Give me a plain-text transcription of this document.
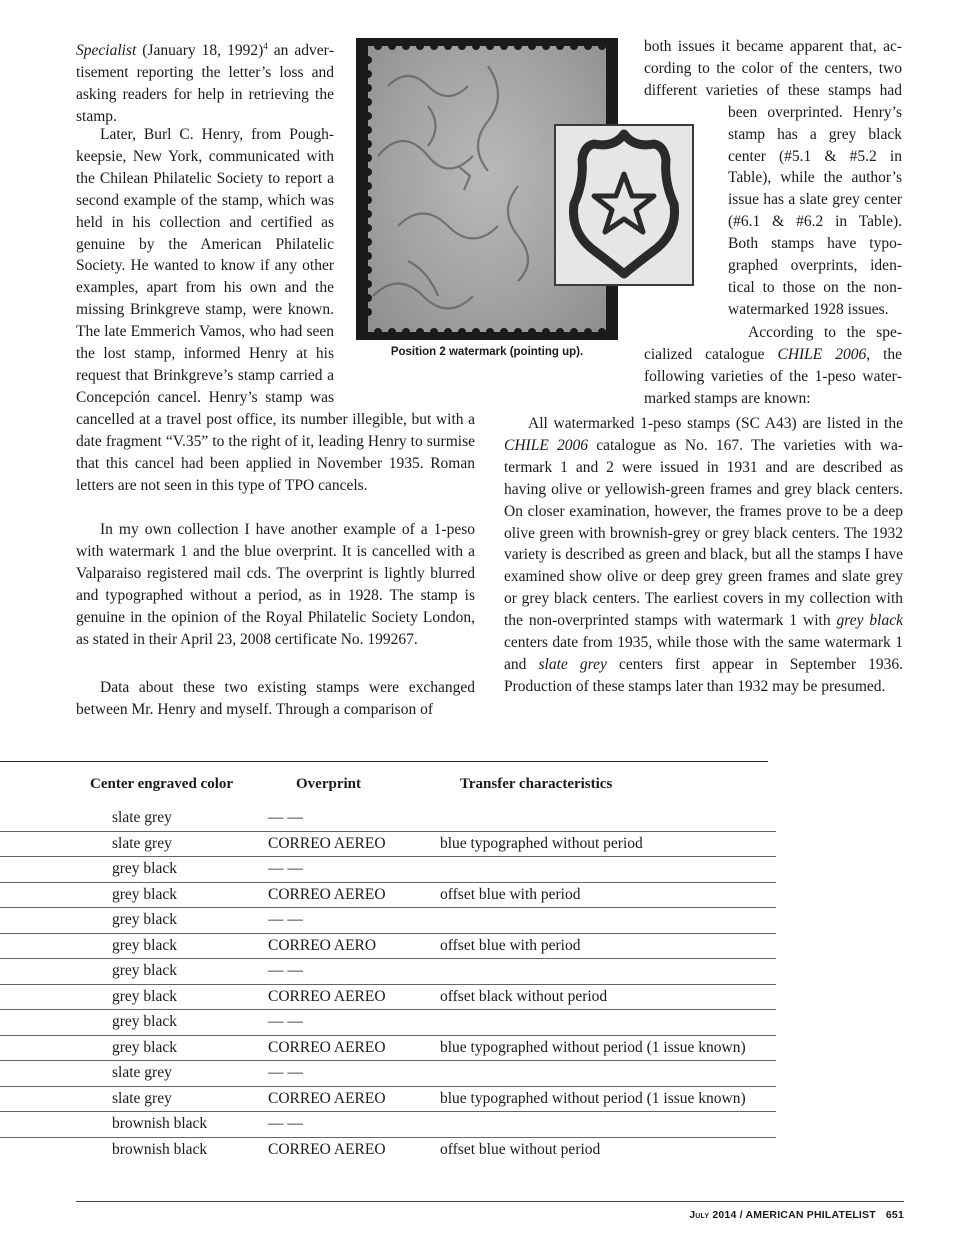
Specialist (January 18, 1992)$^4$ an advertisement reporting the letter’s loss and asking readers for help in retrieving the stamp.

Later, Burl C. Henry, from Poughkeepsie, New York, communicated with the Chilean Philatelic Society to report a second example of the stamp, which was held in his collection and certified as genuine by the American Philatelic Society. He wanted to know if any other examples, apart from his own and the missing Brinkgreve stamp, were known. The late Emmerich Vamos, who had seen the lost stamp, informed Henry at his request that Brinkgreve’s stamp carried a Concepción cancel. Henry’s stamp was cancelled at a travel post office, its number illegible, but with a date fragment “V.35” to the right of it, leading Henry to surmise that this cancel had been applied in November 1935. Roman letters are not seen in this type of TPO cancels.

In my own collection I have another example of a 1-peso with watermark 1 and the blue overprint. It is cancelled with a Valparaiso registered mail cds. The overprint is lightly blurred and typographed without a period, as in 1928. The stamp is genuine in the opinion of the Royal Philatelic Society London, as stated in their April 23, 2008 certificate No. 199267.

Data about these two existing stamps were exchanged between Mr. Henry and myself. Through a comparison of

Position 2 watermark (pointing up).

both issues it became apparent that, according to the color of the centers, two different varieties of these stamps had been overprinted. Henry’s stamp has a grey black center (#5.1 & #5.2 in Table), while the author’s issue has a slate grey center (#6.1 & #6.2 in Table). Both stamps have typographed overprints, identical to those on the non-watermarked 1928 issues.

According to the specialized catalogue CHILE 2006, the following varieties of the 1-peso watermarked stamps are known:

All watermarked 1-peso stamps (SC A43) are listed in the CHILE 2006 catalogue as No. 167. The varieties with watermark 1 and 2 were issued in 1931 and are described as having olive or yellowish-green frames and grey black centers. On closer examination, however, the frames prove to be a deep olive green with brownish-grey or grey black centers. The 1932 variety is described as green and black, but all the stamps I have examined show olive or deep grey green frames and slate grey or grey black centers. The earliest covers in my collection with the non-overprinted stamps with watermark 1 with grey black centers date from 1935, while those with the same watermark 1 and slate grey centers first appear in September 1936. Production of these stamps later than 1932 may be presumed.

Center engraved color	Overprint	Transfer characteristics
slate grey	— —
slate grey	CORREO AEREO	blue typographed without period
grey black	— —
grey black	CORREO AEREO	offset blue with period
grey black	— —
grey black	CORREO AERO	offset blue with period
grey black	— —
grey black	CORREO AEREO	offset black without period
grey black	— —
grey black	CORREO AEREO	blue typographed without period (1 issue known)
slate grey	— —
slate grey	CORREO AEREO	blue typographed without period (1 issue known)
brownish black	— —
brownish black	CORREO AEREO	offset blue without period

July 2014 / AMERICAN PHILATELIST 651
